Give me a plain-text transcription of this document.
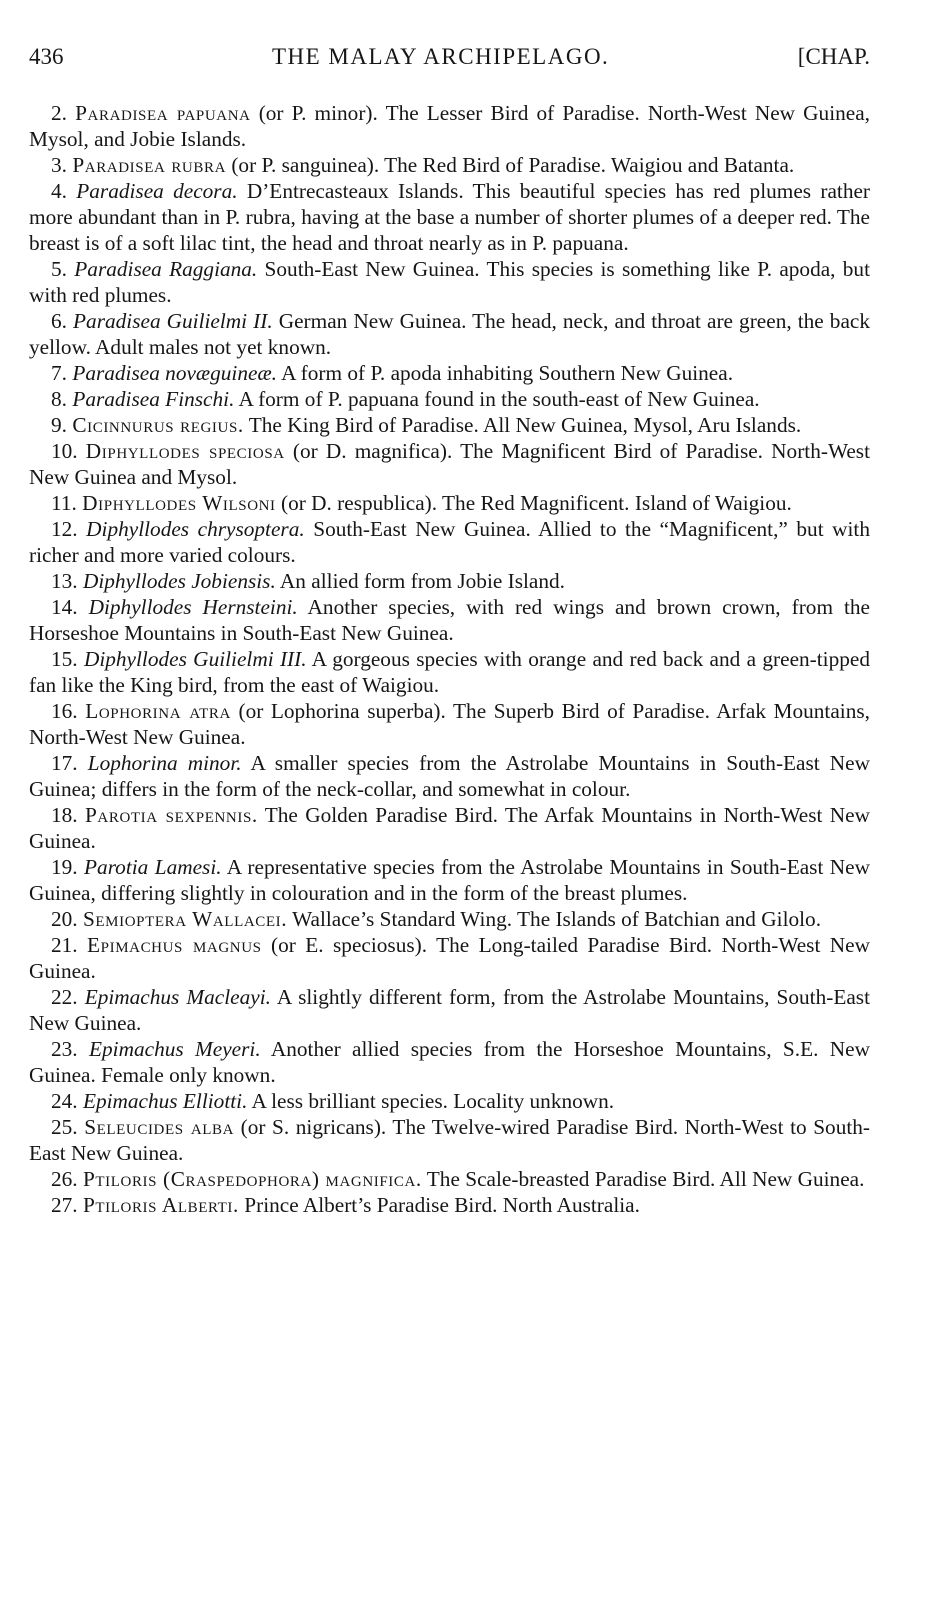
436	THE MALAY ARCHIPELAGO.	[CHAP.

2. Paradisea papuana (or P. minor). The Lesser Bird of Paradise. North-West New Guinea, Mysol, and Jobie Islands.

3. Paradisea rubra (or P. sanguinea). The Red Bird of Paradise. Waigiou and Batanta.

4. Paradisea decora. D’Entrecasteaux Islands. This beautiful species has red plumes rather more abundant than in P. rubra, having at the base a number of shorter plumes of a deeper red. The breast is of a soft lilac tint, the head and throat nearly as in P. papuana.

5. Paradisea Raggiana. South-East New Guinea. This species is something like P. apoda, but with red plumes.

6. Paradisea Guilielmi II. German New Guinea. The head, neck, and throat are green, the back yellow. Adult males not yet known.

7. Paradisea novæguineæ. A form of P. apoda inhabiting Southern New Guinea.

8. Paradisea Finschi. A form of P. papuana found in the south-east of New Guinea.

9. Cicinnurus regius. The King Bird of Paradise. All New Guinea, Mysol, Aru Islands.

10. Diphyllodes speciosa (or D. magnifica). The Magnificent Bird of Paradise. North-West New Guinea and Mysol.

11. Diphyllodes Wilsoni (or D. respublica). The Red Magnificent. Island of Waigiou.

12. Diphyllodes chrysoptera. South-East New Guinea. Allied to the “Magnificent,” but with richer and more varied colours.

13. Diphyllodes Jobiensis. An allied form from Jobie Island.

14. Diphyllodes Hernsteini. Another species, with red wings and brown crown, from the Horseshoe Mountains in South-East New Guinea.

15. Diphyllodes Guilielmi III. A gorgeous species with orange and red back and a green-tipped fan like the King bird, from the east of Waigiou.

16. Lophorina atra (or Lophorina superba). The Superb Bird of Paradise. Arfak Mountains, North-West New Guinea.

17. Lophorina minor. A smaller species from the Astrolabe Mountains in South-East New Guinea; differs in the form of the neck-collar, and somewhat in colour.

18. Parotia sexpennis. The Golden Paradise Bird. The Arfak Mountains in North-West New Guinea.

19. Parotia Lamesi. A representative species from the Astrolabe Mountains in South-East New Guinea, differing slightly in colouration and in the form of the breast plumes.

20. Semioptera Wallacei. Wallace’s Standard Wing. The Islands of Batchian and Gilolo.

21. Epimachus magnus (or E. speciosus). The Long-tailed Paradise Bird. North-West New Guinea.

22. Epimachus Macleayi. A slightly different form, from the Astrolabe Mountains, South-East New Guinea.

23. Epimachus Meyeri. Another allied species from the Horseshoe Mountains, S.E. New Guinea. Female only known.

24. Epimachus Elliotti. A less brilliant species. Locality unknown.

25. Seleucides alba (or S. nigricans). The Twelve-wired Paradise Bird. North-West to South-East New Guinea.

26. Ptiloris (Craspedophora) magnifica. The Scale-breasted Paradise Bird. All New Guinea.

27. Ptiloris Alberti. Prince Albert’s Paradise Bird. North Australia.
